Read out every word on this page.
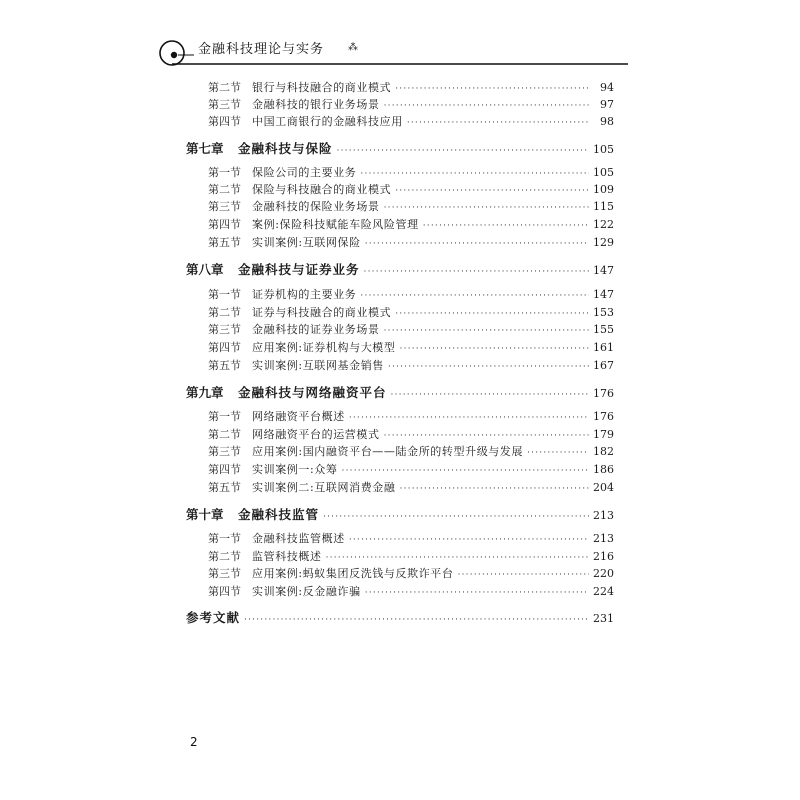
金融科技理论与实务 ⁂
第二节	银行与科技融合的商业模式 ·····	94
第三节	金融科技的银行业务场景 ·····	97
第四节	中国工商银行的金融科技应用 ·····	98
第七章	金融科技与保险 ·····	105
第一节	保险公司的主要业务 ·····	105
第二节	保险与科技融合的商业模式 ·····	109
第三节	金融科技的保险业务场景 ·····	115
第四节	案例:保险科技赋能车险风险管理 ·····	122
第五节	实训案例:互联网保险 ·····	129
第八章	金融科技与证券业务 ·····	147
第一节	证券机构的主要业务 ·····	147
第二节	证券与科技融合的商业模式 ·····	153
第三节	金融科技的证券业务场景 ·····	155
第四节	应用案例:证券机构与大模型 ·····	161
第五节	实训案例:互联网基金销售 ·····	167
第九章	金融科技与网络融资平台 ·····	176
第一节	网络融资平台概述 ·····	176
第二节	网络融资平台的运营模式 ·····	179
第三节	应用案例:国内融资平台——陆金所的转型升级与发展 ·····	182
第四节	实训案例一:众筹 ·····	186
第五节	实训案例二:互联网消费金融 ·····	204
第十章	金融科技监管 ·····	213
第一节	金融科技监管概述 ·····	213
第二节	监管科技概述 ·····	216
第三节	应用案例:蚂蚁集团反洗钱与反欺诈平台 ·····	220
第四节	实训案例:反金融诈骗 ·····	224
参考文献 ·····	231
2
